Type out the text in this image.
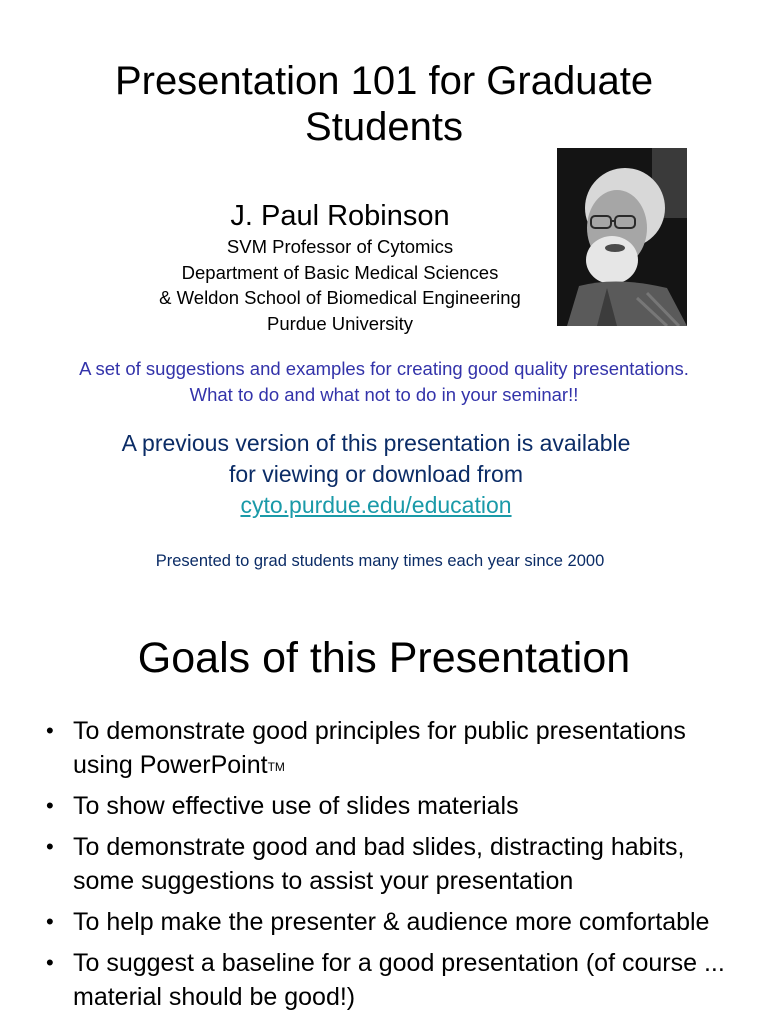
Presentation 101 for Graduate
Students
J. Paul Robinson
SVM Professor of Cytomics
Department of Basic Medical Sciences
& Weldon School of Biomedical Engineering
Purdue University
A set of suggestions and examples for creating good quality presentations.
What to do and what not to do in your seminar!!
A previous version of this presentation is available
for viewing or download from
cyto.purdue.edu/education
Presented to grad students many times each year since 2000
Goals of this Presentation
• To demonstrate good principles for public presentations using PowerPoint™
• To show effective use of slides materials
• To demonstrate good and bad slides, distracting habits, some suggestions to assist your presentation
• To help make the presenter & audience more comfortable
• To suggest a baseline for a good presentation (of course ... material should be good!)
